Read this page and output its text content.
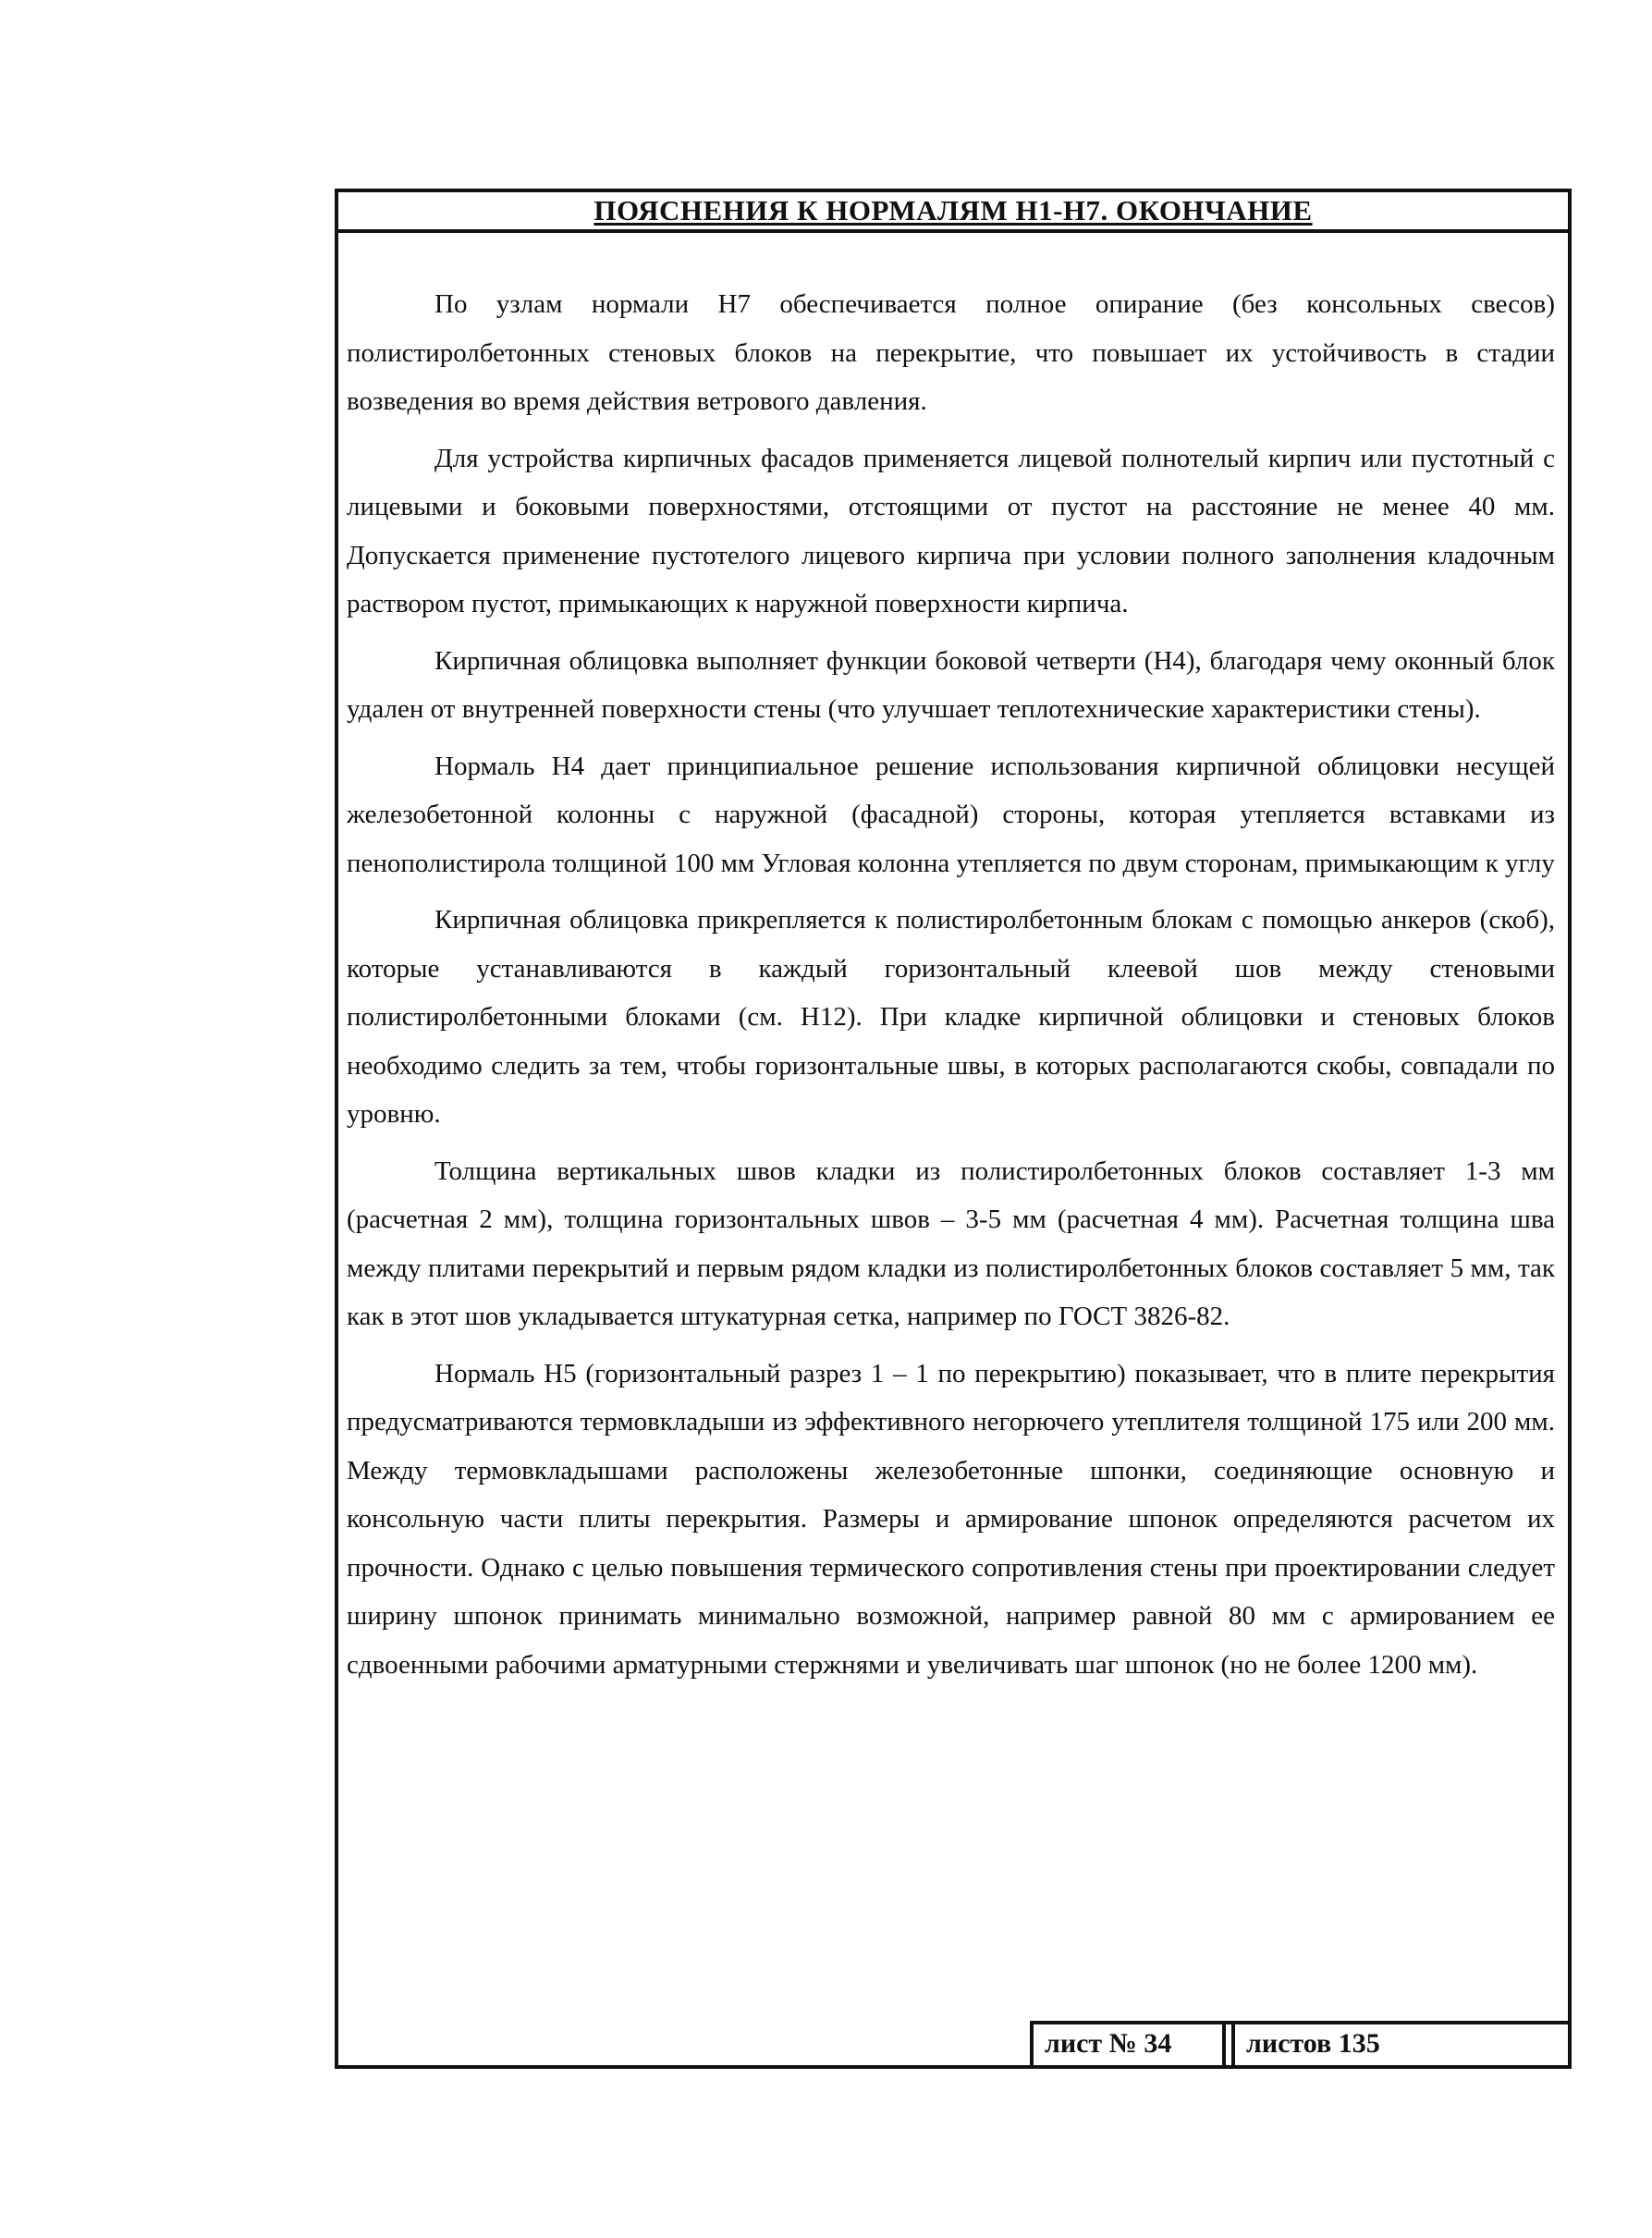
ПОЯСНЕНИЯ К НОРМАЛЯМ Н1-Н7. ОКОНЧАНИЕ

По узлам нормали Н7 обеспечивается полное опирание (без консольных свесов) полистиролбетонных стеновых блоков на перекрытие, что повышает их устойчивость в стадии возведения во время действия ветрового давления.

Для устройства кирпичных фасадов применяется лицевой полнотелый кирпич или пустотный с лицевыми и боковыми поверхностями, отстоящими от пустот на расстояние не менее 40 мм. Допускается применение пустотелого лицевого кирпича при условии полного заполнения кладочным раствором пустот, примыкающих к наружной поверхности кирпича.

Кирпичная облицовка выполняет функции боковой четверти (Н4), благодаря чему оконный блок удален от внутренней поверхности стены (что улучшает теплотехнические характеристики стены).

Нормаль Н4 дает принципиальное решение использования кирпичной облицовки несущей железобетонной колонны с наружной (фасадной) стороны, которая утепляется вставками из пенополистирола толщиной 100 мм Угловая колонна утепляется по двум сторонам, примыкающим к углу

Кирпичная облицовка прикрепляется к полистиролбетонным блокам с помощью анкеров (скоб), которые устанавливаются в каждый горизонтальный клеевой шов между стеновыми полистиролбетонными блоками (см. Н12). При кладке кирпичной облицовки и стеновых блоков необходимо следить за тем, чтобы горизонтальные швы, в которых располагаются скобы, совпадали по уровню.

Толщина вертикальных швов кладки из полистиролбетонных блоков составляет 1-3 мм (расчетная 2 мм), толщина горизонтальных швов – 3-5 мм (расчетная 4 мм). Расчетная толщина шва между плитами перекрытий и первым рядом кладки из полистиролбетонных блоков составляет 5 мм, так как в этот шов укладывается штукатурная сетка, например по ГОСТ 3826-82.

Нормаль Н5 (горизонтальный разрез 1 – 1 по перекрытию) показывает, что в плите перекрытия предусматриваются термовкладыши из эффективного негорючего утеплителя толщиной 175 или 200 мм. Между термовкладышами расположены железобетонные шпонки, соединяющие основную и консольную части плиты перекрытия. Размеры и армирование шпонок определяются расчетом их прочности. Однако с целью повышения термического сопротивления стены при проектировании следует ширину шпонок принимать минимально возможной, например равной 80 мм с армированием ее сдвоенными рабочими арматурными стержнями и увеличивать шаг шпонок (но не более 1200 мм).

лист № 34	листов 135
